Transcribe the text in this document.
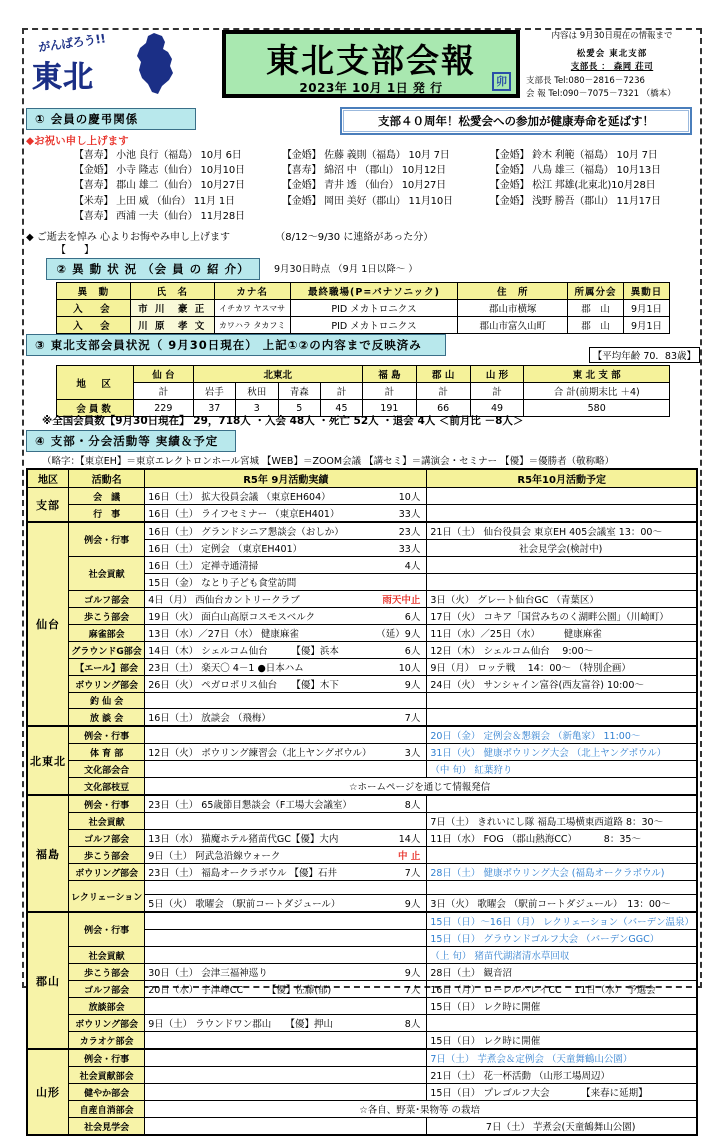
がんばろう!!
東北	東北支部会報
2023年 10月 1日 発 行	卯
内容は 9月30日現在の情報まで
松愛会 東北支部
支部長 ： 森岡 荘司
支部長 Tel:080－2816－7236
会 報 Tel:090－7075－7321 （橋本）
① 会員の慶弔関係	支部４０周年！松愛会への参加が健康寿命を延ばす！
◆お祝い申し上げます
【喜寿】 小池 良行（福島） 10月 6日	【金婚】 佐藤 義則（福島） 10月 7日	【金婚】 鈴木 利範（福島） 10月 7日
【金婚】 小寺 隆志（仙台） 10月10日	【喜寿】 綿沼 中 （郡山） 10月12日	【金婚】 八鳥 雄三（福島） 10月13日
【喜寿】 郡山 雄二（仙台） 10月27日	【金婚】 青井 透 （仙台） 10月27日	【金婚】 松江 邦雄(北東北)10月28日
【米寿】 上田 威 （仙台） 11月 1日	【金婚】 岡田 美好（郡山） 11月10日	【金婚】 浅野 勝吾（郡山） 11月17日
【喜寿】 西浦 一夫（仙台） 11月28日
◆ ご逝去を悼み 心よりお悔やみ申し上げます	（8/12～9/30 に連絡があった分）
【　】
② 異 動 状 況 （会 員 の 紹 介）	9月30日時点 （9月 1日以降～ ）
異　動	氏　名	カナ名	最終職場(P=パナソニック)	住　所	所属分会	異動日
入　会	市 川　豪 正	イチカワ ヤスマサ	PID メカトロニクス	郡山市横塚	郡　山	9月1日
入　会	川 原　孝 文	カワハラ タカフミ	PID メカトロニクス	郡山市富久山町	郡　山	9月1日
③ 東北支部会員状況（ 9月30日現在） 上記①②の内容まで反映済み
【平均年齢 70．83歳】
地　区	仙 台	北東北				福 島	郡 山	山 形	東 北 支 部
	計	岩手	秋田	青森	計	計	計	計	合 計(前期末比 ＋4)
会員数	229	37	3	5	45	191	66	49	580
※全国会員数【9月30日現在】 29，718人 ・入会 48人 ・死亡 52人 ・退会 4人 ＜前月比 －8人＞
④ 支部・分会活動等 実績＆予定
（略字：【東京EH】＝東京エレクトロンホール宮城 【WEB】＝ZOOM会議 【講セミ】＝講演会・セミナー 【優】＝優勝者（敬称略）
地区	活動名	R5年 9月活動実績	R5年10月活動予定
支部	会　議	16日（土） 拡大役員会議 （東京EH604） 10人	

	行　事	16日（土） ライフセミナー （東京EH401） 33人	

仙台	例会・行事	16日（土） グランドシニア懇談会（おしか） 23人	21日（土） 仙台役員会 東京EH 405会議室 13：00～
		16日（土） 定例会 （東京EH401） 33人	社会見学会(検討中)
	社会貢献	16日（土） 定禅寺通清掃 4人	

		15日（金） なとり子ども食堂訪問	
	ゴルフ部会	4日（月） 西仙台カントリークラブ 雨天中止	3日（火） グレート仙台GC （青葉区）
	歩こう部会	19日（火） 面白山高原コスモスベルク 6人	17日（火） コキア「国営みちのく湖畔公園」（川崎町）
	麻雀部会	13日（水）／27日（水） 健康麻雀 （延）9人	11日（水）／25日（水）　　　健康麻雀
	グラウンドG部会	14日（木） シェルコム仙台　　　【優】浜本 6人	12日（木） シェルコム仙台　 9:00～
	【エール】部会	23日（土） 楽天〇 4－1 ●日本ハム 10人	9日（月） ロッテ戦　 14：00～ （特別企画）
	ボウリング部会	26日（火） ペガロポリス仙台　　【優】木下 9人	24日（火） サンシャイン富谷(西友富谷) 10:00～
	釣 仙 会		
	放 談 会	16日（土） 放談会 （飛梅） 7人	

北東北	例会・行事		20日（金） 定例会＆懇親会 （新亀家） 11:00～
	体 育 部	12日（火） ボウリング練習会（北上ヤングボウル） 3人	31日（火） 健康ボウリング大会 （北上ヤングボウル）
	文化部会合		（中 旬） 紅葉狩り
	文化部枝豆	☆ホームページを通じて情報発信	
福島	例会・行事	23日（土） 65歳節目懇談会（F工場大会議室） 8人	

	社会貢献		7日（土） きれいにし隊 福島工場横東西道路 8：30～
	ゴルフ部会	13日（水） 猫魔ホテル猪苗代GC【優】大内 14人	11日（水） FOG （郡山熱海CC）　　　 8：35～
	歩こう部会	9日（土） 阿武急沿線ウォーク 中 止	

	ボウリング部会	23日（土） 福島オークラボウル 【優】石井 7人	28日（土） 健康ボウリング大会 (福島オークラボウル)
	レクリェーション		
		5日（火） 歌曜会 （駅前コートダジュール） 9人	3日（火） 歌曜会 （駅前コートダジュール）　13：00～
郡山	例会・行事		15日（日）～16日（月） レクリェーション（バーデン温泉）
			15日（日） グラウンドゴルフ大会 （バーデンGGC）
	社会貢献		（上 旬） 猪苗代湖渚清水草回収
	歩こう部会	30日（土） 会津三福神巡り 9人	28日（土） 観音沼
	ゴルフ部会	20日（水） 宇津峰CC　　　【優】佐藤(郁) 7人	16日（月） ローレルバレイCC　 11日（水） 予選会
	放談部会		15日（日） レク時に開催
	ボウリング部会	9日（土） ラウンドワン郡山　　【優】押山 8人	

	カラオケ部会		15日（日） レク時に開催
山形	例会・行事		7日（土） 芋煮会＆定例会 （天童舞鶴山公園）
	社会貢献部会		21日（土） 花一杯活動 （山形工場周辺）
	健やか部会		15日（日） プレゴルフ大会　　　 【来春に延期】
	自産自消部会	☆各自、野菜･果物等 の栽培	
	社会見学会		7日（土） 芋煮会(天童鶴舞山公園)
